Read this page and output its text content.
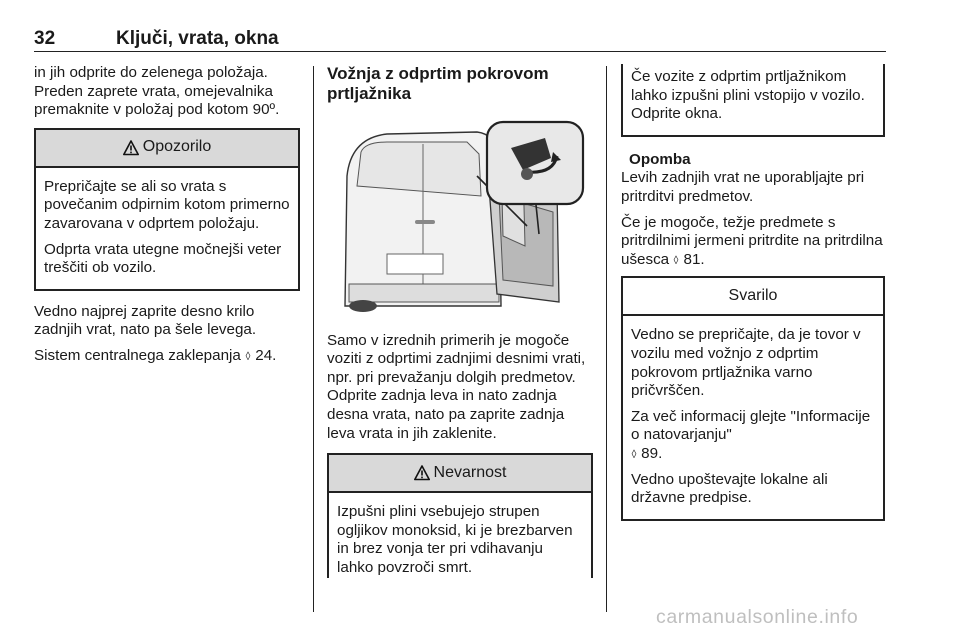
32	Ključi, vrata, okna
in jih odprite do zelenega položaja.

Preden zaprete vrata, omejevalnika premaknite v položaj pod kotom 90º.

Opozorilo

Prepričajte se ali so vrata s povečanim odpirnim kotom primerno zavarovana v odprtem položaju.

Odprta vrata utegne močnejši veter treščiti ob vozilo.

Vedno najprej zaprite desno krilo zadnjih vrat, nato pa šele levega.

Sistem centralnega zaklepanja ◊ 24.

Vožnja z odprtim pokrovom prtljažnika

Samo v izrednih primerih je mogoče voziti z odprtimi zadnjimi desnimi vrati, npr. pri prevažanju dolgih predmetov. Odprite zadnja leva in nato zadnja desna vrata, nato pa zaprite zadnja leva vrata in jih zaklenite.

Nevarnost

Izpušni plini vsebujejo strupen ogljikov monoksid, ki je brezbarven in brez vonja ter pri vdihavanju lahko povzroči smrt.

Če vozite z odprtim prtljažnikom lahko izpušni plini vstopijo v vozilo. Odprite okna.

Opomba

Levih zadnjih vrat ne uporabljajte pri pritrditvi predmetov.

Če je mogoče, težje predmete s pritrdilnimi jermeni pritrdite na pritrdilna ušesca ◊ 81.

Svarilo

Vedno se prepričajte, da je tovor v vozilu med vožnjo z odprtim pokrovom prtljažnika varno pričvrščen.

Za več informacij glejte "Informacije o natovarjanju"
◊ 89.

Vedno upoštevajte lokalne ali državne predpise.

carmanualsonline.info
